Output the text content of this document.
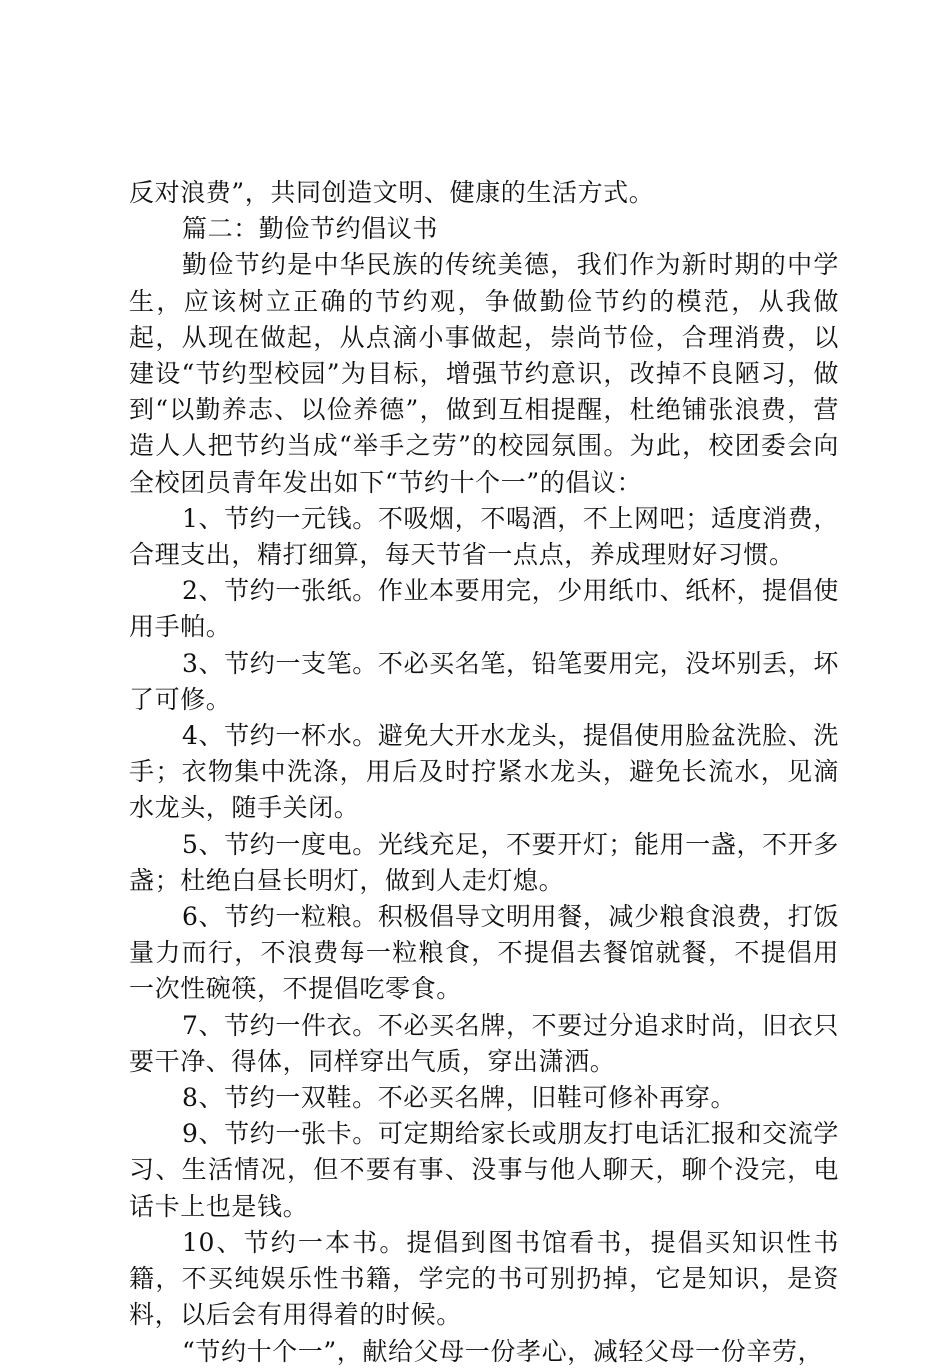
反对浪费”，共同创造文明、健康的生活方式。

篇二：勤俭节约倡议书

勤俭节约是中华民族的传统美德，我们作为新时期的中学生，应该树立正确的节约观，争做勤俭节约的模范，从我做起，从现在做起，从点滴小事做起，崇尚节俭，合理消费，以建设“节约型校园”为目标，增强节约意识，改掉不良陋习，做到“以勤养志、以俭养德”，做到互相提醒，杜绝铺张浪费，营造人人把节约当成“举手之劳”的校园氛围。为此，校团委会向全校团员青年发出如下“节约十个一”的倡议：

1、节约一元钱。不吸烟，不喝酒，不上网吧；适度消费，合理支出，精打细算，每天节省一点点，养成理财好习惯。

2、节约一张纸。作业本要用完，少用纸巾、纸杯，提倡使用手帕。

3、节约一支笔。不必买名笔，铅笔要用完，没坏别丢，坏了可修。

4、节约一杯水。避免大开水龙头，提倡使用脸盆洗脸、洗手；衣物集中洗涤，用后及时拧紧水龙头，避免长流水，见滴水龙头，随手关闭。

5、节约一度电。光线充足，不要开灯；能用一盏，不开多盏；杜绝白昼长明灯，做到人走灯熄。

6、节约一粒粮。积极倡导文明用餐，减少粮食浪费，打饭量力而行，不浪费每一粒粮食，不提倡去餐馆就餐，不提倡用一次性碗筷，不提倡吃零食。

7、节约一件衣。不必买名牌，不要过分追求时尚，旧衣只要干净、得体，同样穿出气质，穿出潇洒。

8、节约一双鞋。不必买名牌，旧鞋可修补再穿。

9、节约一张卡。可定期给家长或朋友打电话汇报和交流学习、生活情况，但不要有事、没事与他人聊天，聊个没完，电话卡上也是钱。

10、节约一本书。提倡到图书馆看书，提倡买知识性书籍，不买纯娱乐性书籍，学完的书可别扔掉，它是知识，是资料，以后会有用得着的时候。

“节约十个一”，献给父母一份孝心，减轻父母一份辛劳，
